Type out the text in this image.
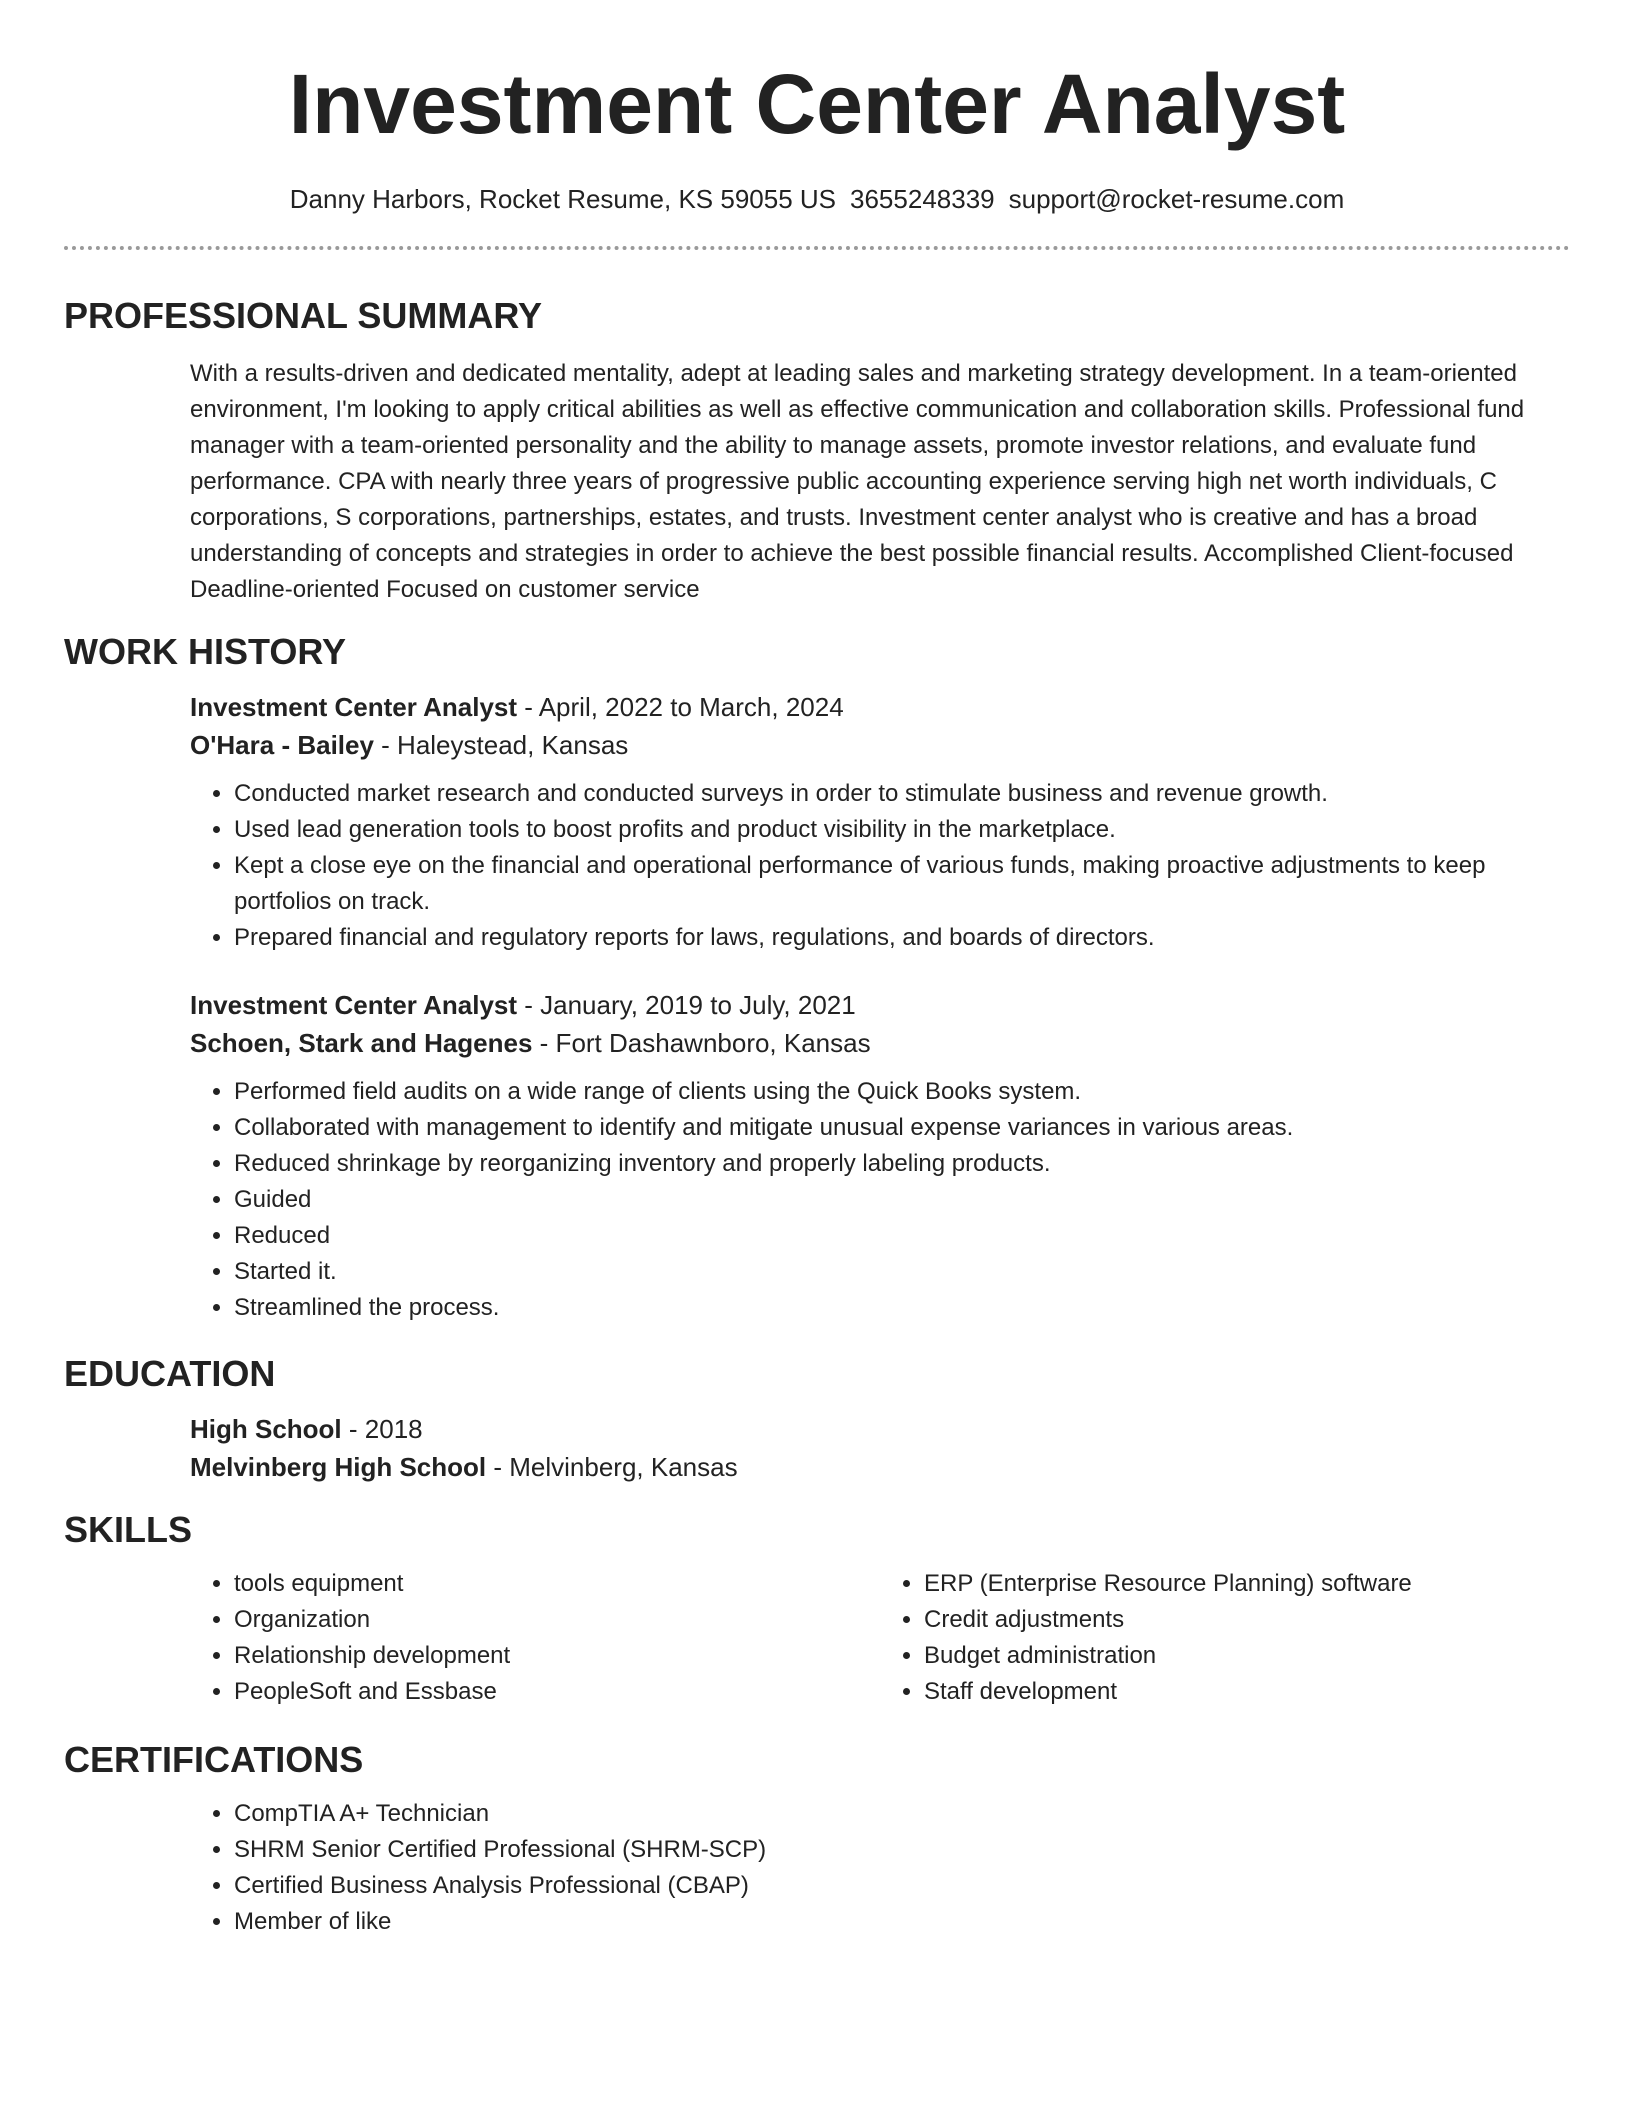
Investment Center Analyst
Danny Harbors, Rocket Resume, KS 59055 US 3655248339 support@rocket-resume.com
PROFESSIONAL SUMMARY

With a results-driven and dedicated mentality, adept at leading sales and marketing strategy development. In a team-oriented environment, I'm looking to apply critical abilities as well as effective communication and collaboration skills. Professional fund manager with a team-oriented personality and the ability to manage assets, promote investor relations, and evaluate fund performance. CPA with nearly three years of progressive public accounting experience serving high net worth individuals, C corporations, S corporations, partnerships, estates, and trusts. Investment center analyst who is creative and has a broad understanding of concepts and strategies in order to achieve the best possible financial results. Accomplished Client-focused Deadline-oriented Focused on customer service

WORK HISTORY
Investment Center Analyst - April, 2022 to March, 2024
O'Hara - Bailey - Haleystead, Kansas
• Conducted market research and conducted surveys in order to stimulate business and revenue growth.
• Used lead generation tools to boost profits and product visibility in the marketplace.
• Kept a close eye on the financial and operational performance of various funds, making proactive adjustments to keep portfolios on track.
• Prepared financial and regulatory reports for laws, regulations, and boards of directors.
Investment Center Analyst - January, 2019 to July, 2021
Schoen, Stark and Hagenes - Fort Dashawnboro, Kansas
• Performed field audits on a wide range of clients using the Quick Books system.
• Collaborated with management to identify and mitigate unusual expense variances in various areas.
• Reduced shrinkage by reorganizing inventory and properly labeling products.
• Guided
• Reduced
• Started it.
• Streamlined the process.
EDUCATION
High School - 2018
Melvinberg High School - Melvinberg, Kansas
SKILLS
• tools equipment
• Organization
• Relationship development
• PeopleSoft and Essbase
• ERP (Enterprise Resource Planning) software
• Credit adjustments
• Budget administration
• Staff development
CERTIFICATIONS
• CompTIA A+ Technician
• SHRM Senior Certified Professional (SHRM-SCP)
• Certified Business Analysis Professional (CBAP)
• Member of like
